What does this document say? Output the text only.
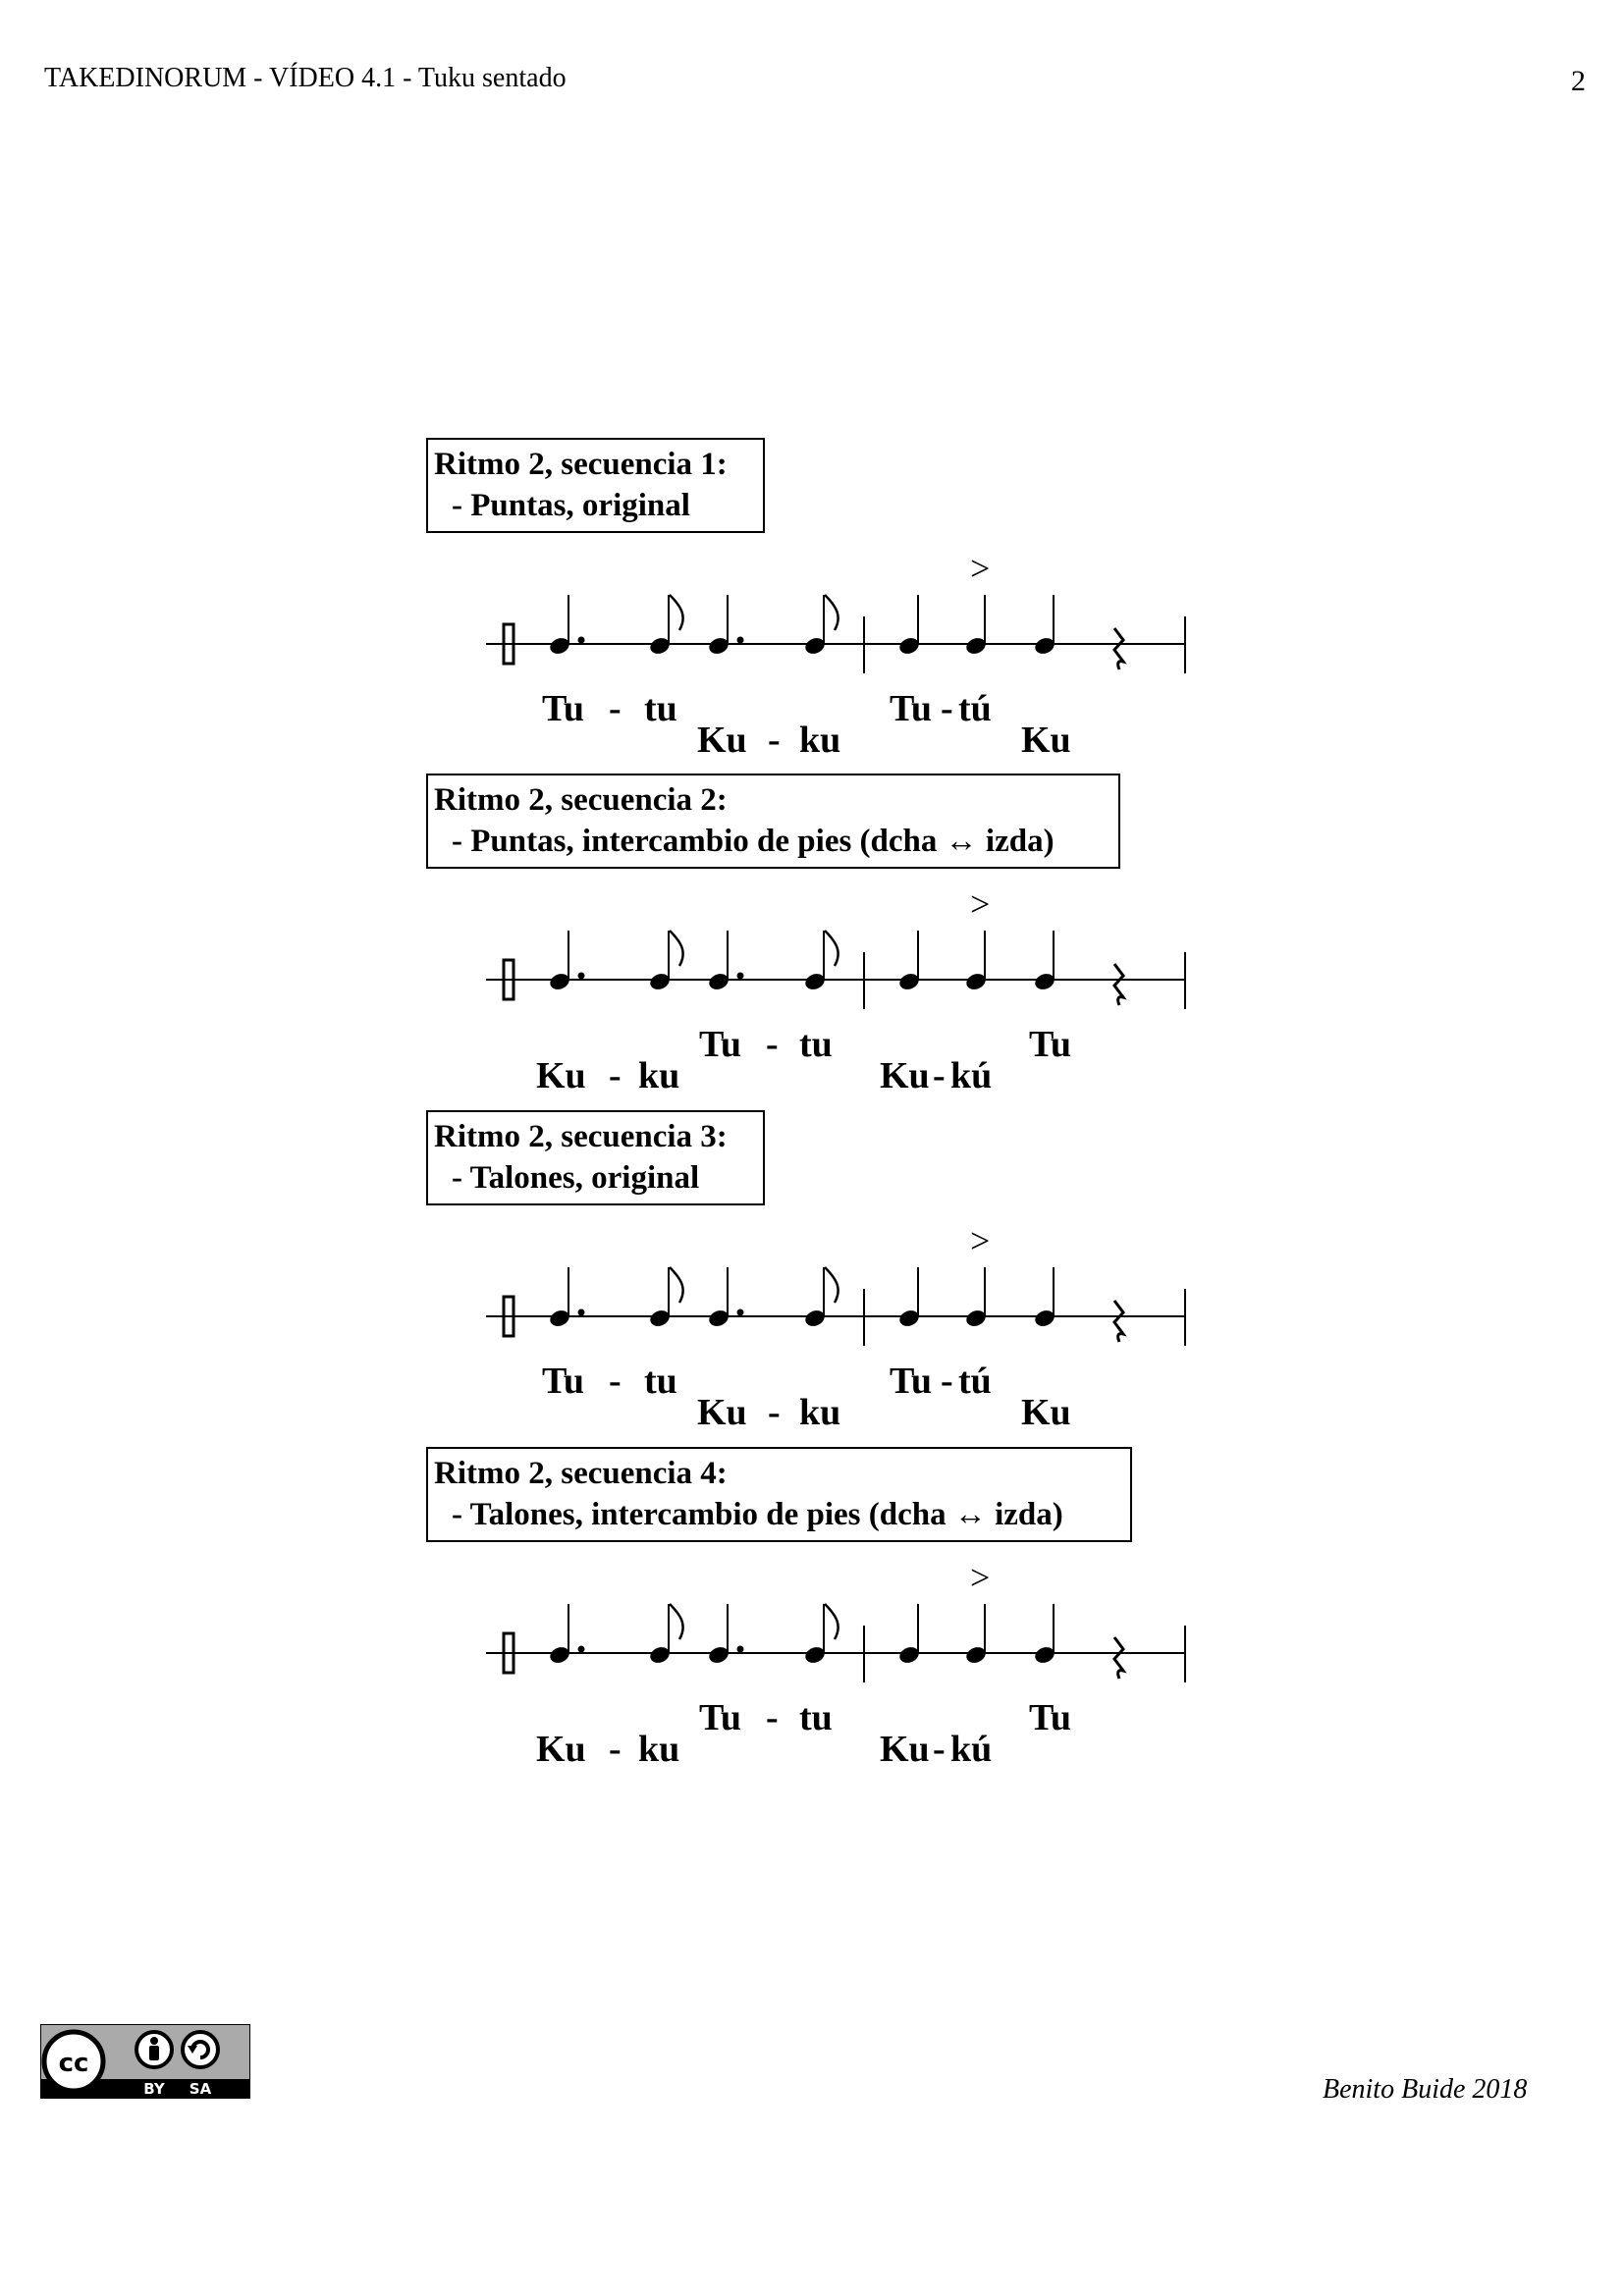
TAKEDINORUM - VÍDEO 4.1 - Tuku sentado	2
Ritmo 2, secuencia 1:
- Puntas, original
>
Tu - tu
Ku - ku
Tu - tú
Ku
Ritmo 2, secuencia 2:
- Puntas, intercambio de pies (dcha ↔ izda)
>
Ku - ku
Tu - tu
Ku - kú
Tu
Ritmo 2, secuencia 3:
- Talones, original
>
Tu - tu
Ku - ku
Tu - tú
Ku
Ritmo 2, secuencia 4:
- Talones, intercambio de pies (dcha ↔ izda)
>
Ku - ku
Tu - tu
Ku - kú
Tu
cc
BY SA	Benito Buide 2018
